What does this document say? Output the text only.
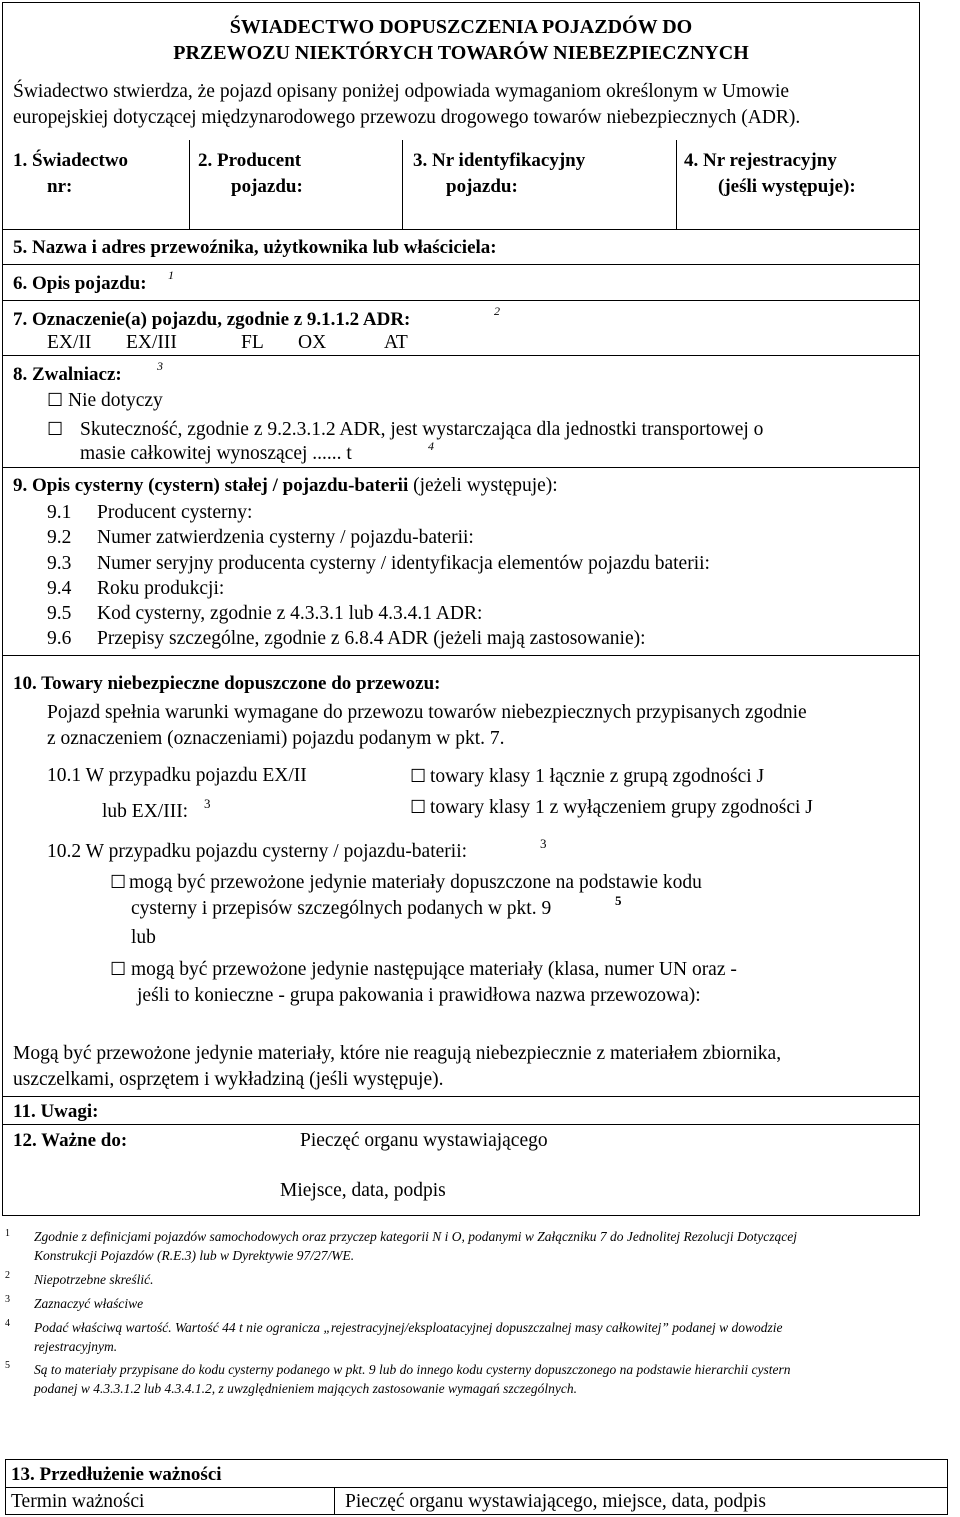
ŚWIADECTWO DOPUSZCZENIA POJAZDÓW DO
PRZEWOZU NIEKTÓRYCH TOWARÓW NIEBEZPIECZNYCH
Świadectwo stwierdza, że pojazd opisany poniżej odpowiada wymaganiom określonym w Umowie
europejskiej dotyczącej międzynarodowego przewozu drogowego towarów niebezpiecznych (ADR).
1. Świadectwo
nr:
2. Producent
pojazdu:
3. Nr identyfikacyjny
pojazdu:
4. Nr rejestracyjny
(jeśli występuje):
5. Nazwa i adres przewoźnika, użytkownika lub właściciela:
6. Opis pojazdu: 1
7. Oznaczenie(a) pojazdu, zgodnie z 9.1.1.2 ADR:	2
EX/II EX/III	FL OX	AT
8. Zwalniacz:	3
☐ Nie dotyczy
☐ Skuteczność, zgodnie z 9.2.3.1.2 ADR, jest wystarczająca dla jednostki transportowej o
masie całkowitej wynoszącej ...... t	4
9. Opis cysterny (cystern) stałej / pojazdu-baterii (jeżeli występuje):
9.1 Producent cysterny:
9.2 Numer zatwierdzenia cysterny / pojazdu-baterii:
9.3 Numer seryjny producenta cysterny / identyfikacja elementów pojazdu baterii:
9.4 Roku produkcji:
9.5 Kod cysterny, zgodnie z 4.3.3.1 lub 4.3.4.1 ADR:
9.6 Przepisy szczególne, zgodnie z 6.8.4 ADR (jeżeli mają zastosowanie):
10. Towary niebezpieczne dopuszczone do przewozu:
Pojazd spełnia warunki wymagane do przewozu towarów niebezpiecznych przypisanych zgodnie
z oznaczeniem (oznaczeniami) pojazdu podanym w pkt. 7.
10.1 W przypadku pojazdu EX/II
lub EX/III: 3
☐ towary klasy 1 łącznie z grupą zgodności J
☐ towary klasy 1 z wyłączeniem grupy zgodności J
10.2 W przypadku pojazdu cysterny / pojazdu-baterii:	3
☐ mogą być przewożone jedynie materiały dopuszczone na podstawie kodu
cysterny i przepisów szczególnych podanych w pkt. 9	5
lub
☐ mogą być przewożone jedynie następujące materiały (klasa, numer UN oraz -
jeśli to konieczne - grupa pakowania i prawidłowa nazwa przewozowa):
Mogą być przewożone jedynie materiały, które nie reagują niebezpiecznie z materiałem zbiornika,
uszczelkami, osprzętem i wykładziną (jeśli występuje).
11. Uwagi:
12. Ważne do:	Pieczęć organu wystawiającego
Miejsce, data, podpis
1 Zgodnie z definicjami pojazdów samochodowych oraz przyczep kategorii N i O, podanymi w Załączniku 7 do Jednolitej Rezolucji Dotyczącej
Konstrukcji Pojazdów (R.E.3) lub w Dyrektywie 97/27/WE.
2 Niepotrzebne skreślić.
3 Zaznaczyć właściwe
4 Podać właściwą wartość. Wartość 44 t nie ogranicza „rejestracyjnej/eksploatacyjnej dopuszczalnej masy całkowitej” podanej w dowodzie
rejestracyjnym.
5 Są to materiały przypisane do kodu cysterny podanego w pkt. 9 lub do innego kodu cysterny dopuszczonego na podstawie hierarchii cystern
podanej w 4.3.3.1.2 lub 4.3.4.1.2, z uwzględnieniem mających zastosowanie wymagań szczególnych.
13. Przedłużenie ważności
Termin ważności	Pieczęć organu wystawiającego, miejsce, data, podpis
